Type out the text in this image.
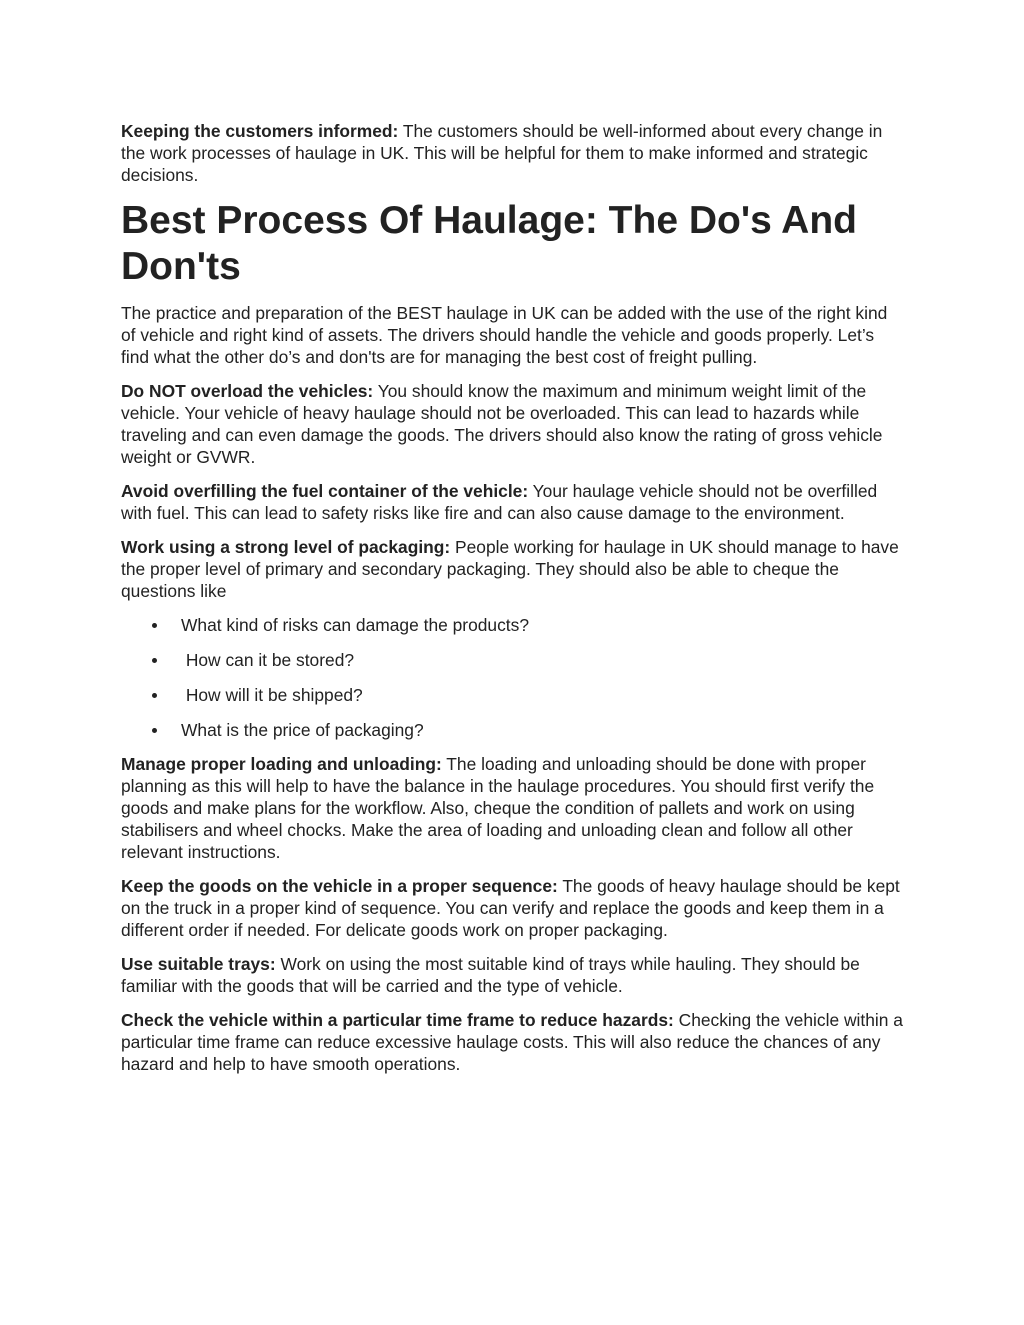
Keeping the customers informed: The customers should be well-informed about every change in the work processes of haulage in UK. This will be helpful for them to make informed and strategic decisions.

Best Process Of Haulage: The Do's And Don'ts

The practice and preparation of the BEST haulage in UK can be added with the use of the right kind of vehicle and right kind of assets. The drivers should handle the vehicle and goods properly. Let’s find what the other do’s and don'ts are for managing the best cost of freight pulling.

Do NOT overload the vehicles: You should know the maximum and minimum weight limit of the vehicle. Your vehicle of heavy haulage should not be overloaded. This can lead to hazards while traveling and can even damage the goods. The drivers should also know the rating of gross vehicle weight or GVWR.

Avoid overfilling the fuel container of the vehicle: Your haulage vehicle should not be overfilled with fuel. This can lead to safety risks like fire and can also cause damage to the environment.

Work using a strong level of packaging: People working for haulage in UK should manage to have the proper level of primary and secondary packaging. They should also be able to cheque the questions like

What kind of risks can damage the products?
How can it be stored?
How will it be shipped?
What is the price of packaging?

Manage proper loading and unloading: The loading and unloading should be done with proper planning as this will help to have the balance in the haulage procedures. You should first verify the goods and make plans for the workflow. Also, cheque the condition of pallets and work on using stabilisers and wheel chocks. Make the area of loading and unloading clean and follow all other relevant instructions.

Keep the goods on the vehicle in a proper sequence: The goods of heavy haulage should be kept on the truck in a proper kind of sequence. You can verify and replace the goods and keep them in a different order if needed. For delicate goods work on proper packaging.

Use suitable trays: Work on using the most suitable kind of trays while hauling. They should be familiar with the goods that will be carried and the type of vehicle.

Check the vehicle within a particular time frame to reduce hazards: Checking the vehicle within a particular time frame can reduce excessive haulage costs. This will also reduce the chances of any hazard and help to have smooth operations.
